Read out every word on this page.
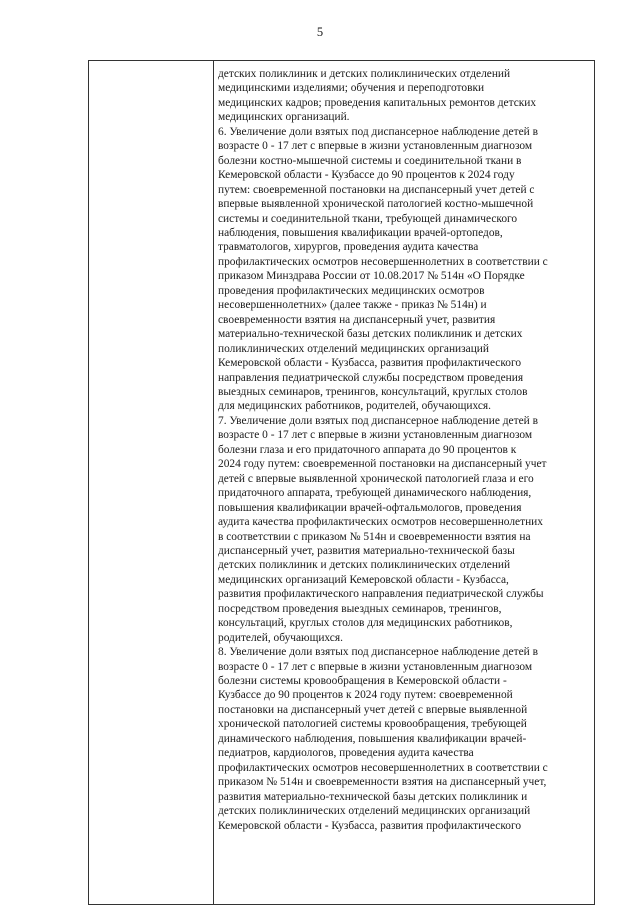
5

детских поликлиник и детских поликлинических отделений
медицинскими изделиями; обучения и переподготовки
медицинских кадров; проведения капитальных ремонтов детских
медицинских организаций.

6. Увеличение доли взятых под диспансерное наблюдение детей в
возрасте 0 - 17 лет с впервые в жизни установленным диагнозом
болезни костно-мышечной системы и соединительной ткани в
Кемеровской области - Кузбассе до 90 процентов к 2024 году
путем: своевременной постановки на диспансерный учет детей с
впервые выявленной хронической патологией костно-мышечной
системы и соединительной ткани, требующей динамического
наблюдения, повышения квалификации врачей-ортопедов,
травматологов, хирургов, проведения аудита качества
профилактических осмотров несовершеннолетних в соответствии с
приказом Минздрава России от 10.08.2017 № 514н «О Порядке
проведения профилактических медицинских осмотров
несовершеннолетних» (далее также - приказ № 514н) и
своевременности взятия на диспансерный учет, развития
материально-технической базы детских поликлиник и детских
поликлинических отделений медицинских организаций
Кемеровской области - Кузбасса, развития профилактического
направления педиатрической службы посредством проведения
выездных семинаров, тренингов, консультаций, круглых столов
для медицинских работников, родителей, обучающихся.

7. Увеличение доли взятых под диспансерное наблюдение детей в
возрасте 0 - 17 лет с впервые в жизни установленным диагнозом
болезни глаза и его придаточного аппарата до 90 процентов к
2024 году путем: своевременной постановки на диспансерный учет
детей с впервые выявленной хронической патологией глаза и его
придаточного аппарата, требующей динамического наблюдения,
повышения квалификации врачей-офтальмологов, проведения
аудита качества профилактических осмотров несовершеннолетних
в соответствии с приказом № 514н и своевременности взятия на
диспансерный учет, развития материально-технической базы
детских поликлиник и детских поликлинических отделений
медицинских организаций Кемеровской области - Кузбасса,
развития профилактического направления педиатрической службы
посредством проведения выездных семинаров, тренингов,
консультаций, круглых столов для медицинских работников,
родителей, обучающихся.

8. Увеличение доли взятых под диспансерное наблюдение детей в
возрасте 0 - 17 лет с впервые в жизни установленным диагнозом
болезни системы кровообращения в Кемеровской области -
Кузбассе до 90 процентов к 2024 году путем: своевременной
постановки на диспансерный учет детей с впервые выявленной
хронической патологией системы кровообращения, требующей
динамического наблюдения, повышения квалификации врачей-
педиатров, кардиологов, проведения аудита качества
профилактических осмотров несовершеннолетних в соответствии с
приказом № 514н и своевременности взятия на диспансерный учет,
развития материально-технической базы детских поликлиник и
детских поликлинических отделений медицинских организаций
Кемеровской области - Кузбасса, развития профилактического
